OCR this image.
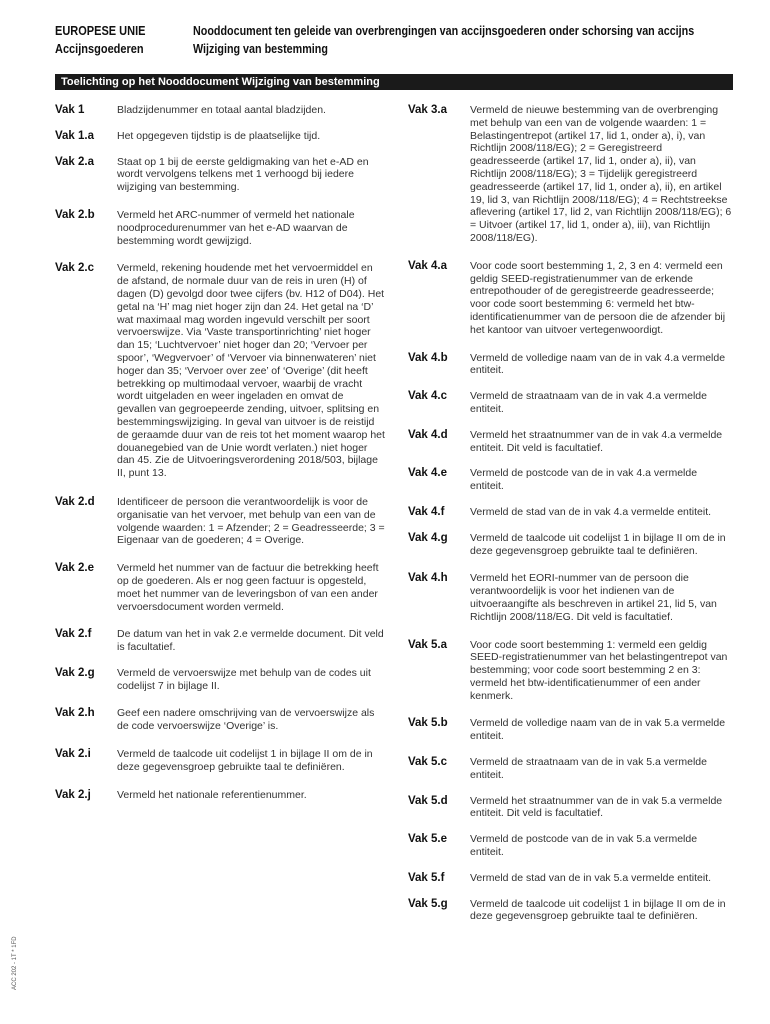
EUROPESE UNIE
Accijnsgoederen
Nooddocument ten geleide van overbrengingen van accijnsgoederen onder schorsing van accijns
Wijziging van bestemming
Toelichting op het Nooddocument Wijziging van bestemming
Vak 1	Bladzijdenummer en totaal aantal bladzijden.
Vak 1.a	Het opgegeven tijdstip is de plaatselijke tijd.
Vak 2.a	Staat op 1 bij de eerste geldigmaking van het e-AD en wordt vervolgens telkens met 1 verhoogd bij iedere wijziging van bestemming.
Vak 2.b	Vermeld het ARC-nummer of vermeld het nationale noodprocedurenummer van het e-AD waarvan de bestemming wordt gewijzigd.
Vak 2.c	Vermeld, rekening houdende met het vervoermiddel en de afstand, de normale duur van de reis in uren (H) of dagen (D) gevolgd door twee cijfers (bv. H12 of D04). Het getal na ‘H’ mag niet hoger zijn dan 24. Het getal na ‘D’ wat maximaal mag worden ingevuld verschilt per soort vervoerswijze. Via ‘Vaste transportinrichting’ niet hoger dan 15; ‘Luchtvervoer’ niet hoger dan 20; ‘Vervoer per spoor’, ‘Wegvervoer’ of ‘Vervoer via binnenwateren’ niet hoger dan 35; ‘Vervoer over zee’ of ‘Overige’ (dit heeft betrekking op multimodaal vervoer, waarbij de vracht wordt uitgeladen en weer ingeladen en omvat de gevallen van gegroepeerde zending, uitvoer, splitsing en bestemmingswijziging. In geval van uitvoer is de reistijd de geraamde duur van de reis tot het moment waarop het douanegebied van de Unie wordt verlaten.) niet hoger dan 45. Zie de Uitvoeringsverordening 2018/503, bijlage II, punt 13.
Vak 2.d	Identificeer de persoon die verantwoordelijk is voor de organisatie van het vervoer, met behulp van een van de volgende waarden: 1 = Afzender; 2 = Geadresseerde; 3 = Eigenaar van de goederen; 4 = Overige.
Vak 2.e	Vermeld het nummer van de factuur die betrekking heeft op de goederen. Als er nog geen factuur is opgesteld, moet het nummer van de leveringsbon of van een ander vervoersdocument worden vermeld.
Vak 2.f	De datum van het in vak 2.e vermelde document. Dit veld is facultatief.
Vak 2.g	Vermeld de vervoerswijze met behulp van de codes uit codelijst 7 in bijlage II.
Vak 2.h	Geef een nadere omschrijving van de vervoerswijze als de code vervoerswijze ‘Overige’ is.
Vak 2.i	Vermeld de taalcode uit codelijst 1 in bijlage II om de in deze gegevensgroep gebruikte taal te definiëren.
Vak 2.j	Vermeld het nationale referentienummer.
Vak 3.a	Vermeld de nieuwe bestemming van de overbrenging met behulp van een van de volgende waarden: 1 = Belastingentrepot (artikel 17, lid 1, onder a), i), van Richtlijn 2008/118/EG); 2 = Geregistreerd geadresseerde (artikel 17, lid 1, onder a), ii), van Richtlijn 2008/118/EG); 3 = Tijdelijk geregistreerd geadresseerde (artikel 17, lid 1, onder a), ii), en artikel 19, lid 3, van Richtlijn 2008/118/EG); 4 = Rechtstreekse aflevering (artikel 17, lid 2, van Richtlijn 2008/118/EG); 6 = Uitvoer (artikel 17, lid 1, onder a), iii), van Richtlijn 2008/118/EG).
Vak 4.a	Voor code soort bestemming 1, 2, 3 en 4: vermeld een geldig SEED-registratienummer van de erkende entrepothouder of de geregistreerde geadresseerde; voor code soort bestemming 6: vermeld het btw-identificatienummer van de persoon die de afzender bij het kantoor van uitvoer vertegenwoordigt.
Vak 4.b	Vermeld de volledige naam van de in vak 4.a vermelde entiteit.
Vak 4.c	Vermeld de straatnaam van de in vak 4.a vermelde entiteit.
Vak 4.d	Vermeld het straatnummer van de in vak 4.a vermelde entiteit. Dit veld is facultatief.
Vak 4.e	Vermeld de postcode van de in vak 4.a vermelde entiteit.
Vak 4.f	Vermeld de stad van de in vak 4.a vermelde entiteit.
Vak 4.g	Vermeld de taalcode uit codelijst 1 in bijlage II om de in deze gegevensgroep gebruikte taal te definiëren.
Vak 4.h	Vermeld het EORI-nummer van de persoon die verantwoordelijk is voor het indienen van de uitvoeraangifte als beschreven in artikel 21, lid 5, van Richtlijn 2008/118/EG. Dit veld is facultatief.
Vak 5.a	Voor code soort bestemming 1: vermeld een geldig SEED-registratienummer van het belastingentrepot van bestemming; voor code soort bestemming 2 en 3: vermeld het btw-identificatienummer of een ander kenmerk.
Vak 5.b	Vermeld de volledige naam van de in vak 5.a vermelde entiteit.
Vak 5.c	Vermeld de straatnaam van de in vak 5.a vermelde entiteit.
Vak 5.d	Vermeld het straatnummer van de in vak 5.a vermelde entiteit. Dit veld is facultatief.
Vak 5.e	Vermeld de postcode van de in vak 5.a vermelde entiteit.
Vak 5.f	Vermeld de stad van de in vak 5.a vermelde entiteit.
Vak 5.g	Vermeld de taalcode uit codelijst 1 in bijlage II om de in deze gegevensgroep gebruikte taal te definiëren.
ACC 202 - 1T * 1FD
